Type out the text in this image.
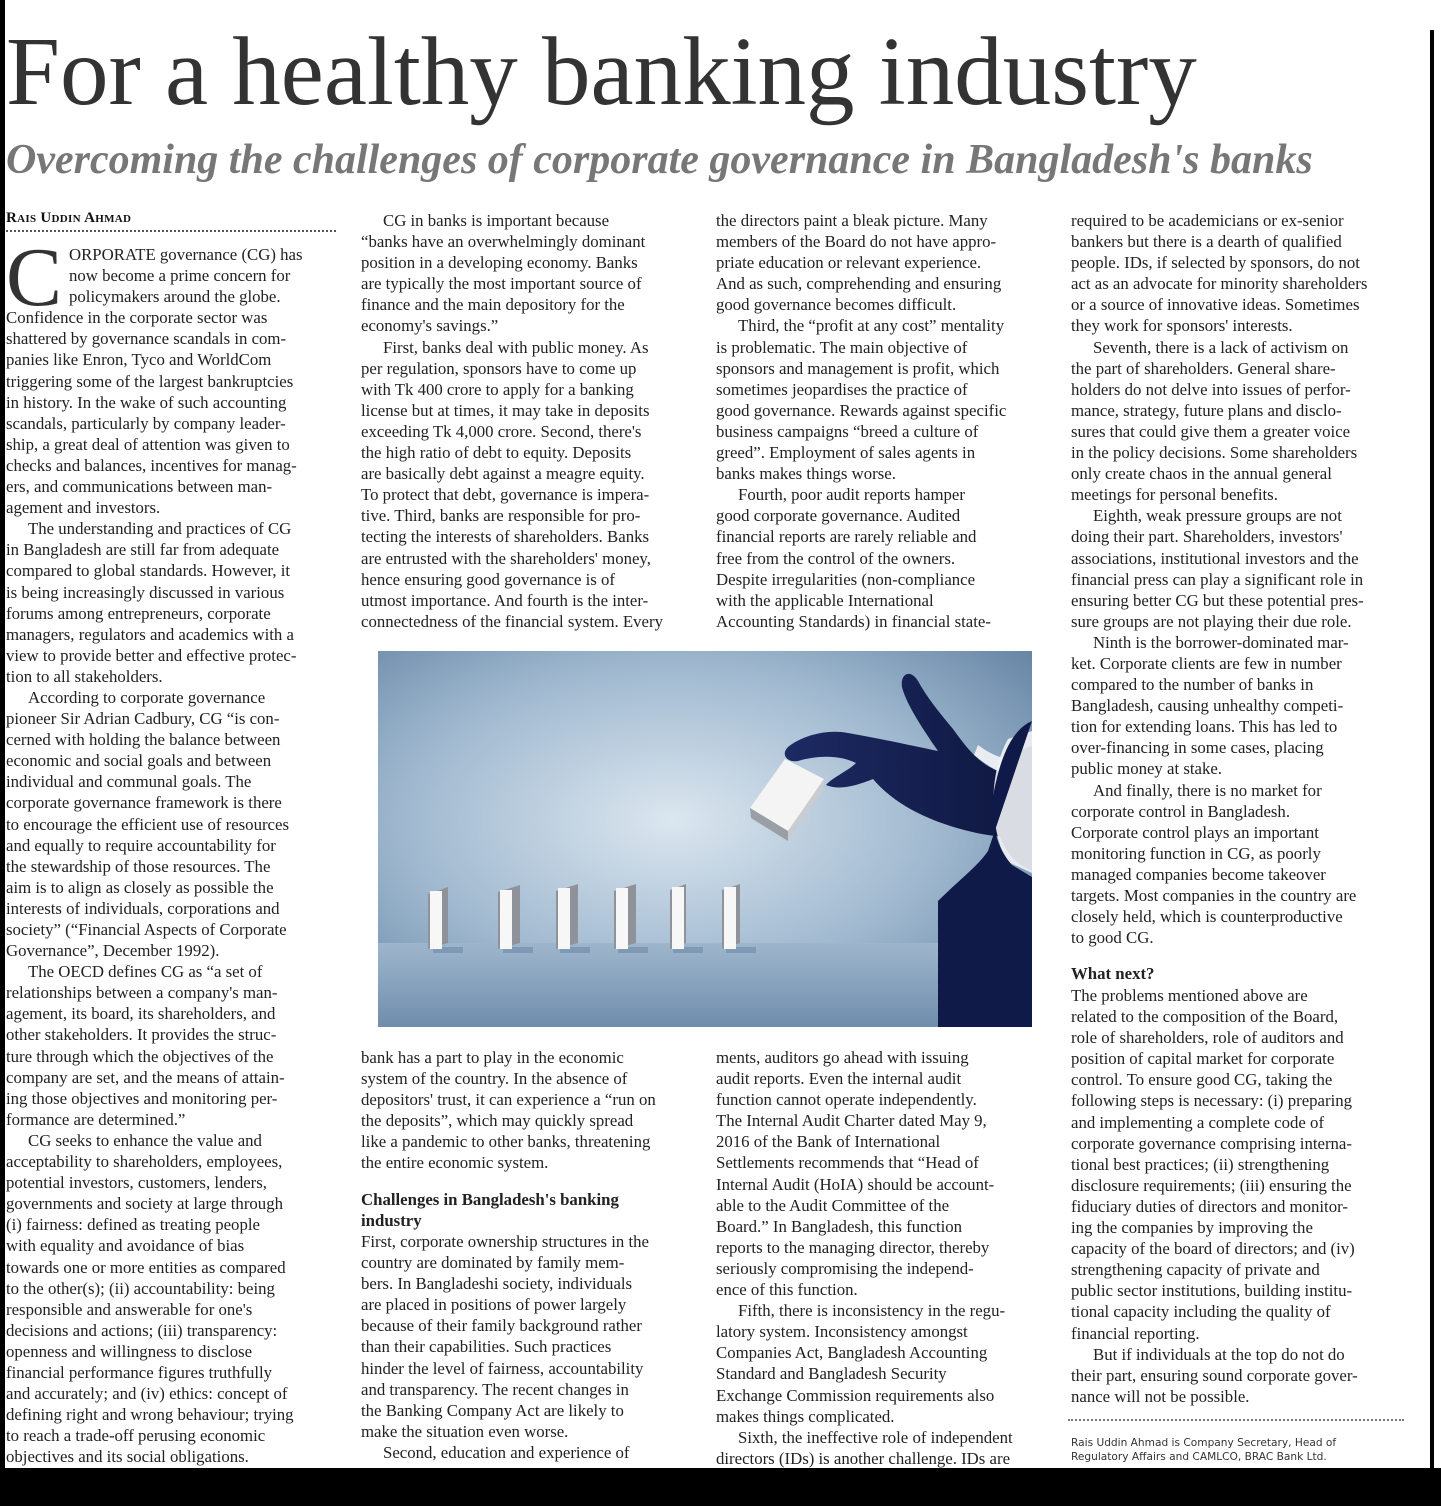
For a healthy banking industry
Overcoming the challenges of corporate governance in Bangladesh's banks
Rais Uddin Ahmad
C ORPORATE governance (CG) has
now become a prime concern for
policymakers around the globe.
Confidence in the corporate sector was
shattered by governance scandals in com-
panies like Enron, Tyco and WorldCom
triggering some of the largest bankruptcies
in history. In the wake of such accounting
scandals, particularly by company leader-
ship, a great deal of attention was given to
checks and balances, incentives for manag-
ers, and communications between man-
agement and investors.
The understanding and practices of CG
in Bangladesh are still far from adequate
compared to global standards. However, it
is being increasingly discussed in various
forums among entrepreneurs, corporate
managers, regulators and academics with a
view to provide better and effective protec-
tion to all stakeholders.
According to corporate governance
pioneer Sir Adrian Cadbury, CG “is con-
cerned with holding the balance between
economic and social goals and between
individual and communal goals. The
corporate governance framework is there
to encourage the efficient use of resources
and equally to require accountability for
the stewardship of those resources. The
aim is to align as closely as possible the
interests of individuals, corporations and
society” (“Financial Aspects of Corporate
Governance”, December 1992).
The OECD defines CG as “a set of
relationships between a company's man-
agement, its board, its shareholders, and
other stakeholders. It provides the struc-
ture through which the objectives of the
company are set, and the means of attain-
ing those objectives and monitoring per-
formance are determined.”
CG seeks to enhance the value and
acceptability to shareholders, employees,
potential investors, customers, lenders,
governments and society at large through
(i) fairness: defined as treating people
with equality and avoidance of bias
towards one or more entities as compared
to the other(s); (ii) accountability: being
responsible and answerable for one's
decisions and actions; (iii) transparency:
openness and willingness to disclose
financial performance figures truthfully
and accurately; and (iv) ethics: concept of
defining right and wrong behaviour; trying
to reach a trade-off perusing economic
objectives and its social obligations.
CG in banks is important because
“banks have an overwhelmingly dominant
position in a developing economy. Banks
are typically the most important source of
finance and the main depository for the
economy's savings.”
First, banks deal with public money. As
per regulation, sponsors have to come up
with Tk 400 crore to apply for a banking
license but at times, it may take in deposits
exceeding Tk 4,000 crore. Second, there's
the high ratio of debt to equity. Deposits
are basically debt against a meagre equity.
To protect that debt, governance is impera-
tive. Third, banks are responsible for pro-
tecting the interests of shareholders. Banks
are entrusted with the shareholders' money,
hence ensuring good governance is of
utmost importance. And fourth is the inter-
connectedness of the financial system. Every
bank has a part to play in the economic
system of the country. In the absence of
depositors' trust, it can experience a “run on
the deposits”, which may quickly spread
like a pandemic to other banks, threatening
the entire economic system.
Challenges in Bangladesh's banking
industry
First, corporate ownership structures in the
country are dominated by family mem-
bers. In Bangladeshi society, individuals
are placed in positions of power largely
because of their family background rather
than their capabilities. Such practices
hinder the level of fairness, accountability
and transparency. The recent changes in
the Banking Company Act are likely to
make the situation even worse.
Second, education and experience of
the directors paint a bleak picture. Many
members of the Board do not have appro-
priate education or relevant experience.
And as such, comprehending and ensuring
good governance becomes difficult.
Third, the “profit at any cost” mentality
is problematic. The main objective of
sponsors and management is profit, which
sometimes jeopardises the practice of
good governance. Rewards against specific
business campaigns “breed a culture of
greed”. Employment of sales agents in
banks makes things worse.
Fourth, poor audit reports hamper
good corporate governance. Audited
financial reports are rarely reliable and
free from the control of the owners.
Despite irregularities (non-compliance
with the applicable International
Accounting Standards) in financial state-
ments, auditors go ahead with issuing
audit reports. Even the internal audit
function cannot operate independently.
The Internal Audit Charter dated May 9,
2016 of the Bank of International
Settlements recommends that “Head of
Internal Audit (HoIA) should be account-
able to the Audit Committee of the
Board.” In Bangladesh, this function
reports to the managing director, thereby
seriously compromising the independ-
ence of this function.
Fifth, there is inconsistency in the regu-
latory system. Inconsistency amongst
Companies Act, Bangladesh Accounting
Standard and Bangladesh Security
Exchange Commission requirements also
makes things complicated.
Sixth, the ineffective role of independent
directors (IDs) is another challenge. IDs are
required to be academicians or ex-senior
bankers but there is a dearth of qualified
people. IDs, if selected by sponsors, do not
act as an advocate for minority shareholders
or a source of innovative ideas. Sometimes
they work for sponsors' interests.
Seventh, there is a lack of activism on
the part of shareholders. General share-
holders do not delve into issues of perfor-
mance, strategy, future plans and disclo-
sures that could give them a greater voice
in the policy decisions. Some shareholders
only create chaos in the annual general
meetings for personal benefits.
Eighth, weak pressure groups are not
doing their part. Shareholders, investors'
associations, institutional investors and the
financial press can play a significant role in
ensuring better CG but these potential pres-
sure groups are not playing their due role.
Ninth is the borrower-dominated mar-
ket. Corporate clients are few in number
compared to the number of banks in
Bangladesh, causing unhealthy competi-
tion for extending loans. This has led to
over-financing in some cases, placing
public money at stake.
And finally, there is no market for
corporate control in Bangladesh.
Corporate control plays an important
monitoring function in CG, as poorly
managed companies become takeover
targets. Most companies in the country are
closely held, which is counterproductive
to good CG.
What next?
The problems mentioned above are
related to the composition of the Board,
role of shareholders, role of auditors and
position of capital market for corporate
control. To ensure good CG, taking the
following steps is necessary: (i) preparing
and implementing a complete code of
corporate governance comprising interna-
tional best practices; (ii) strengthening
disclosure requirements; (iii) ensuring the
fiduciary duties of directors and monitor-
ing the companies by improving the
capacity of the board of directors; and (iv)
strengthening capacity of private and
public sector institutions, building institu-
tional capacity including the quality of
financial reporting.
But if individuals at the top do not do
their part, ensuring sound corporate gover-
nance will not be possible.
Rais Uddin Ahmad is Company Secretary, Head of
Regulatory Affairs and CAMLCO, BRAC Bank Ltd.
